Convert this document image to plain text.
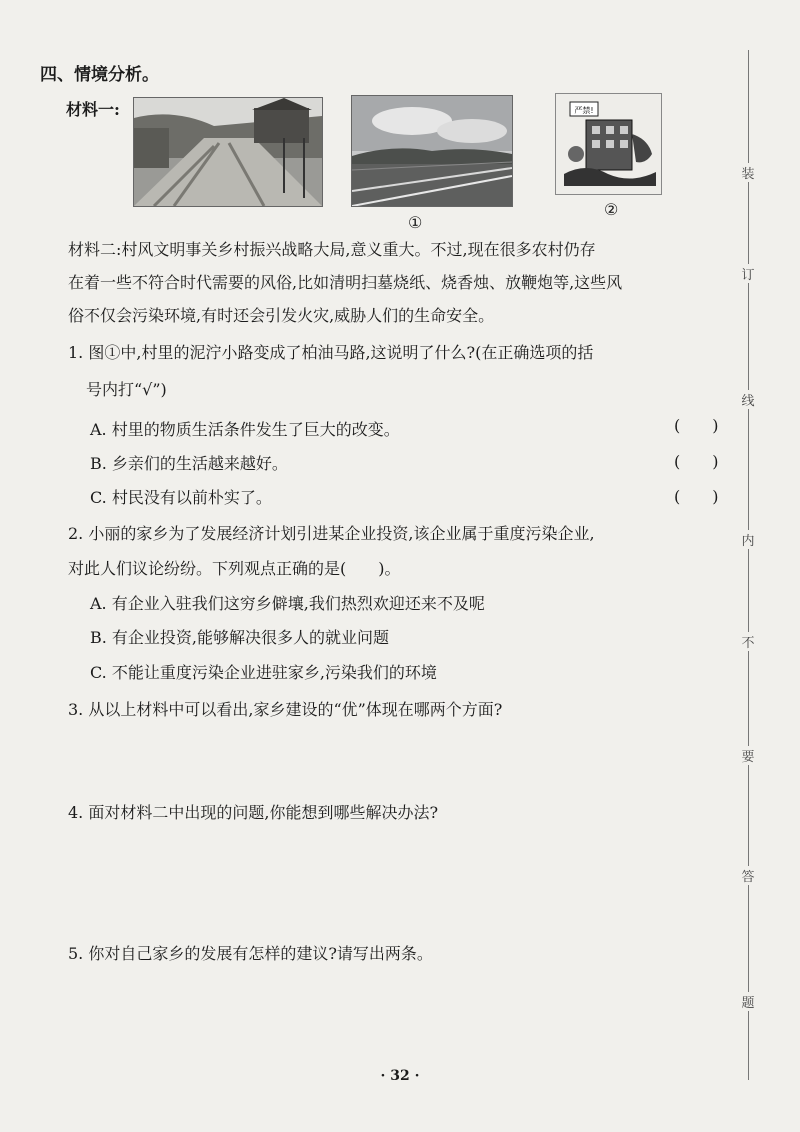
四、情境分析。
材料一:	严禁!
①
②
材料二:村风文明事关乡村振兴战略大局,意义重大。不过,现在很多农村仍存
在着一些不符合时代需要的风俗,比如清明扫墓烧纸、烧香烛、放鞭炮等,这些风
俗不仅会污染环境,有时还会引发火灾,威胁人们的生命安全。
1. 图①中,村里的泥泞小路变成了柏油马路,这说明了什么?(在正确选项的括
号内打“√”)
A. 村里的物质生活条件发生了巨大的改变。	(　　)
B. 乡亲们的生活越来越好。	(　　)
C. 村民没有以前朴实了。	(　　)
2. 小丽的家乡为了发展经济计划引进某企业投资,该企业属于重度污染企业,
对此人们议论纷纷。下列观点正确的是(　　)。
A. 有企业入驻我们这穷乡僻壤,我们热烈欢迎还来不及呢
B. 有企业投资,能够解决很多人的就业问题
C. 不能让重度污染企业进驻家乡,污染我们的环境
3. 从以上材料中可以看出,家乡建设的“优”体现在哪两个方面?
4. 面对材料二中出现的问题,你能想到哪些解决办法?
5. 你对自己家乡的发展有怎样的建议?请写出两条。
· 32 ·
装
订
线
内
不
要
答
题
